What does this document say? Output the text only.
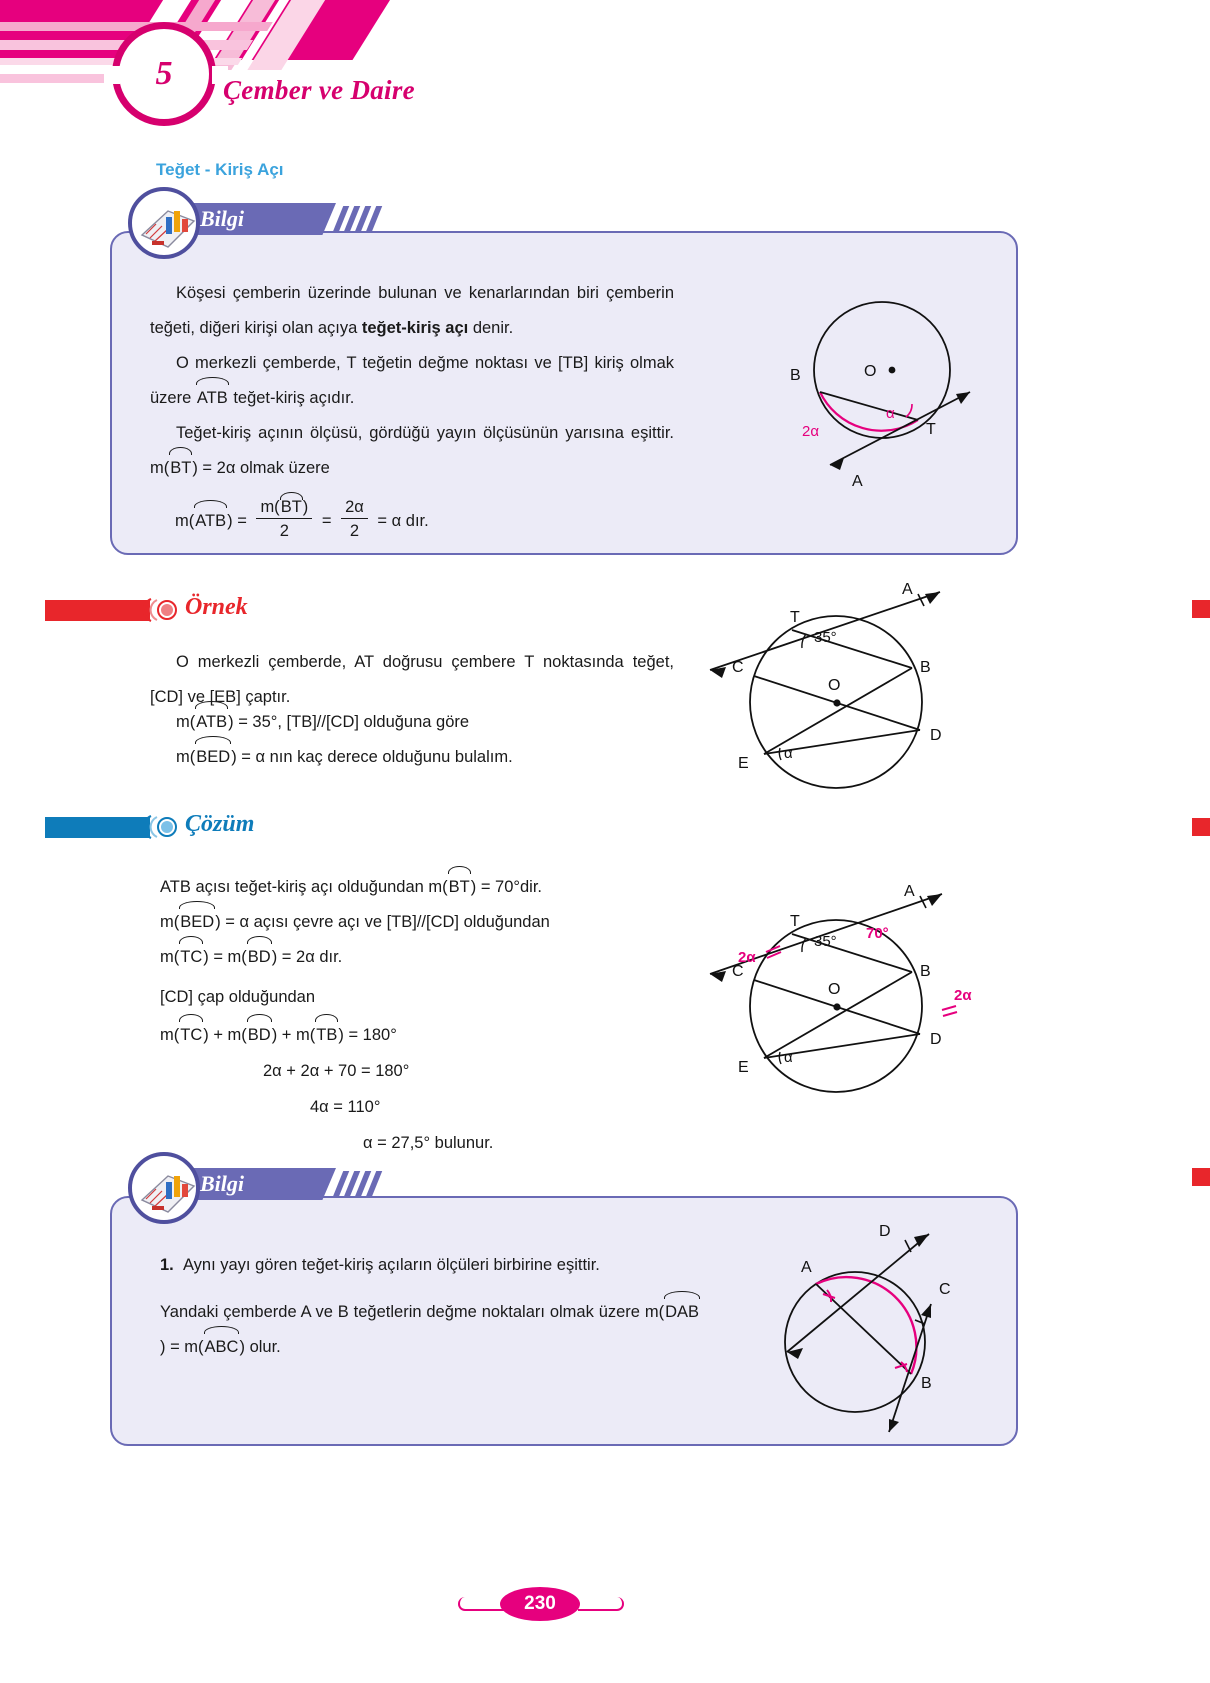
5 Çember ve Daire
Teğet - Kiriş Açı
Bilgi
Köşesi çemberin üzerinde bulunan ve kenarlarından biri çemberin teğeti, diğeri kirişi olan açıya teğet-kiriş açı denir.
O merkezli çemberde, T teğetin değme noktası ve [TB] kiriş olmak üzere ATB teğet-kiriş açıdır.
Teğet-kiriş açının ölçüsü, gördüğü yayın ölçüsünün yarısına eşittir. m(BT) = 2α olmak üzere
$m(ATB) = \frac{m(BT)}{2} = \frac{2\alpha}{2} = \alpha$ dır.
B	O
T
A
2α
α
Örnek
O merkezli çemberde, AT doğrusu çembere T noktasında teğet, [CD] ve [EB] çaptır.
m(ATB) = 35°, [TB]//[CD] olduğuna göre
m(BED) = α nın kaç derece olduğunu bulalım.
A
T
B
C
O
D
E
35°
α
Çözüm
ATB açısı teğet-kiriş açı olduğundan m(BT) = 70°dir.
m(BED) = α açısı çevre açı ve [TB]//[CD] olduğundan
m(TC) = m(BD) = 2α dır.
[CD] çap olduğundan
m(TC) + m(BD) + m(TB) = 180°
2α + 2α + 70 = 180°
4α = 110°
α = 27,5° bulunur.
A
T
B
C
O
D
E
35°
α
70°
2α
2α
Bilgi
1. Aynı yayı gören teğet-kiriş açıların ölçüleri birbirine eşittir.
Yandaki çemberde A ve B teğetlerin değme noktaları olmak üzere m(DAB) = m(ABC) olur.
D
A
C
B
230
